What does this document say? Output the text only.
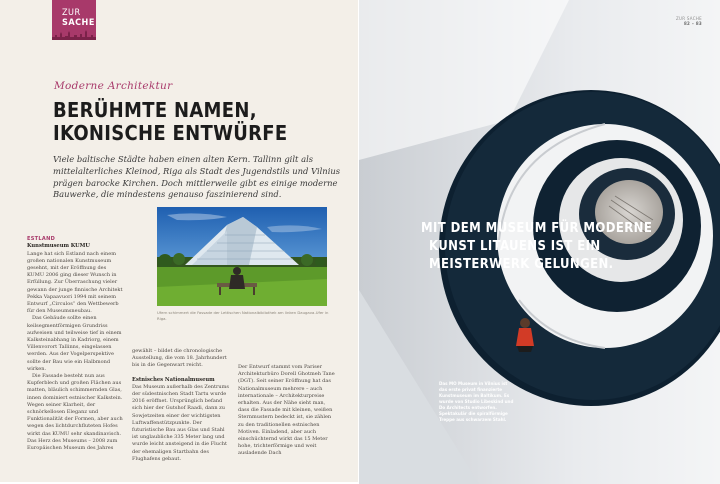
ZUR
SACHE
Moderne Architektur
BERÜHMTE NAMEN,
IKONISCHE ENTWÜRFE

Viele baltische Städte haben einen alten Kern. Tallinn gilt als mittelalterliches Kleinod, Riga als Stadt des Jugendstils und Vilnius prägen barocke Kirchen. Doch mittlerweile gibt es einige moderne Bauwerke, die mindestens genauso faszinierend sind.

Ufern schimmert die Fassade der Lettischen Nationalbibliothek am linken Daugava-Ufer in Riga.

ESTLAND
Kunstmuseum KUMU

Lange hat sich Estland nach einem großen nationalen Kunstmuseum gesehnt, mit der Eröffnung des KUMU 2006 ging dieser Wunsch in Erfüllung. Zur Überraschung vieler gewann der junge finnische Architekt Pekka Vapaavuori 1994 mit seinem Entwurf „Circulos“ den Wettbewerb für den Museumsneubau.

Das Gebäude sollte einen keilsegmentförmigen Grundriss aufweisen und teilweise tief in einem Kalksteinabhang in Kadriorg, einem Villenvorort Tallinns, eingelassen werden. Aus der Vogelperspektive sollte der Bau wie ein Halbmond wirken.

Die Fassade besteht nun aus Kupferblech und großen Flächen aus matten, bläulich schimmernden Glas, innen dominiert estnischer Kalkstein. Wegen seiner Klarheit, der schnörkellosen Eleganz und Funktionalität der Formen, aber auch wegen des lichtdurchfluteten Hofes wirkt das KUMU sehr skandinavisch. Das Herz des Museums – 2008 zum Europäischen Museum des Jahres

gewählt – bildet die chronologische Ausstellung, die vom 18. Jahrhundert bis in die Gegenwart reicht.

Estnisches Nationalmuseum

Das Museum außerhalb des Zentrums der südestnischen Stadt Tartu wurde 2016 eröffnet. Ursprünglich befand sich hier der Gutshof Raadi, dann zu Sowjetzeiten einer der wichtigsten Luftwaffenstützpunkte. Der futuristische Bau aus Glas und Stahl ist unglaubliche 335 Meter lang und wurde leicht ansteigend in die Flucht der ehemaligen Startbahn des Flughafens gebaut.

Der Entwurf stammt vom Pariser Architekturbüro Dorell Ghotmeh Tane (DGT). Seit seiner Eröffnung hat das Nationalmuseum mehrere – auch internationale – Architekturpreise erhalten. Aus der Nähe sieht man, dass die Fassade mit kleinen, weißen Sternmustern bedeckt ist, sie zählen zu den traditionellen estnischen Motiven. Einladend, aber auch einschüchternd wirkt das 15 Meter hohe, trichterförmige und weit ausladende Dach

ZUR SACHE
82 – 83

MIT DEM MUSEUM FÜR MODERNE
KUNST LITAUENS IST EIN
MEISTERWERK GELUNGEN.

Das MO Museum in Vilnius ist das erste privat finanzierte Kunstmuseum im Baltikum. Es wurde von Studio Libeskind und Do Architects entworfen. Spektakulär die spiralförmige Treppe aus schwarzem Stahl.
